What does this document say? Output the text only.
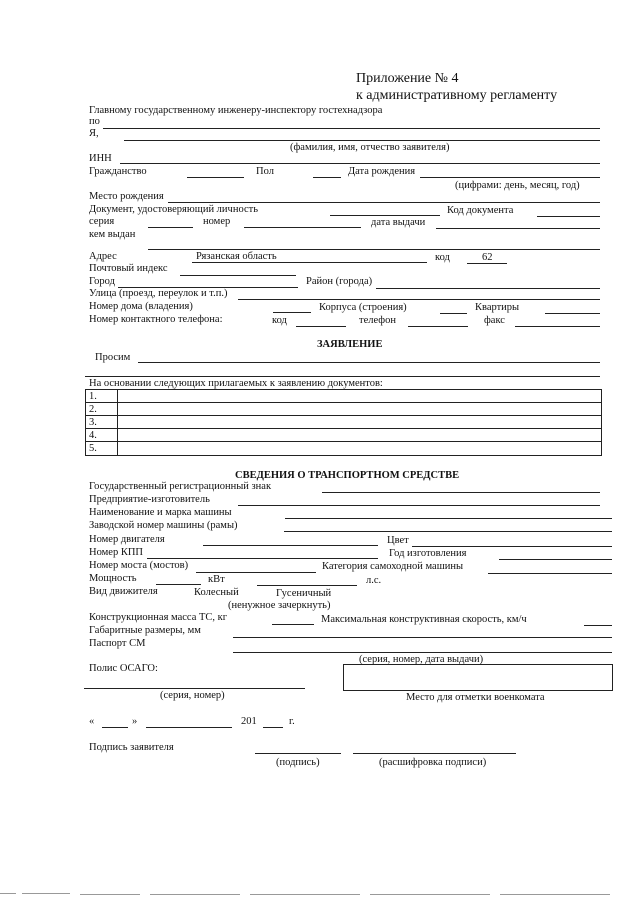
Приложение № 4
к административному регламенту
Главному государственному инженеру-инспектору гостехнадзора
по
Я,
(фамилия, имя, отчество заявителя)
ИНН
Гражданство	Пол	Дата рождения
(цифрами: день, месяц, год)
Место рождения
Документ, удостоверяющий личность	Код документа
серия	номер	дата выдачи
кем выдан
Адрес	Рязанская область	код	62
Почтовый индекс
Город	Район (города)
Улица (проезд, переулок и т.п.)
Номер дома (владения)	Корпуса (строения)	Квартиры
Номер контактного телефона:	код	телефон	факс
ЗАЯВЛЕНИЕ
Просим
На основании следующих прилагаемых к заявлению документов:
1.
2.
3.
4.
5.
СВЕДЕНИЯ О ТРАНСПОРТНОМ СРЕДСТВЕ
Государственный регистрационный знак
Предприятие-изготовитель
Наименование и марка машины
Заводской номер машины (рамы)
Номер двигателя	Цвет
Номер КПП	Год изготовления
Номер моста (мостов)	Категория самоходной машины
Мощность	кВт	л.с.
Вид движителя	Колесный	Гусеничный
(ненужное зачеркнуть)
Конструкционная масса ТС, кг	Максимальная конструктивная скорость, км/ч
Габаритные размеры, мм
Паспорт СМ
(серия, номер, дата выдачи)
Полис ОСАГО:
(серия, номер)	Место для отметки военкомата
«	»	201	г.
Подпись заявителя
(подпись)	(расшифровка подписи)
